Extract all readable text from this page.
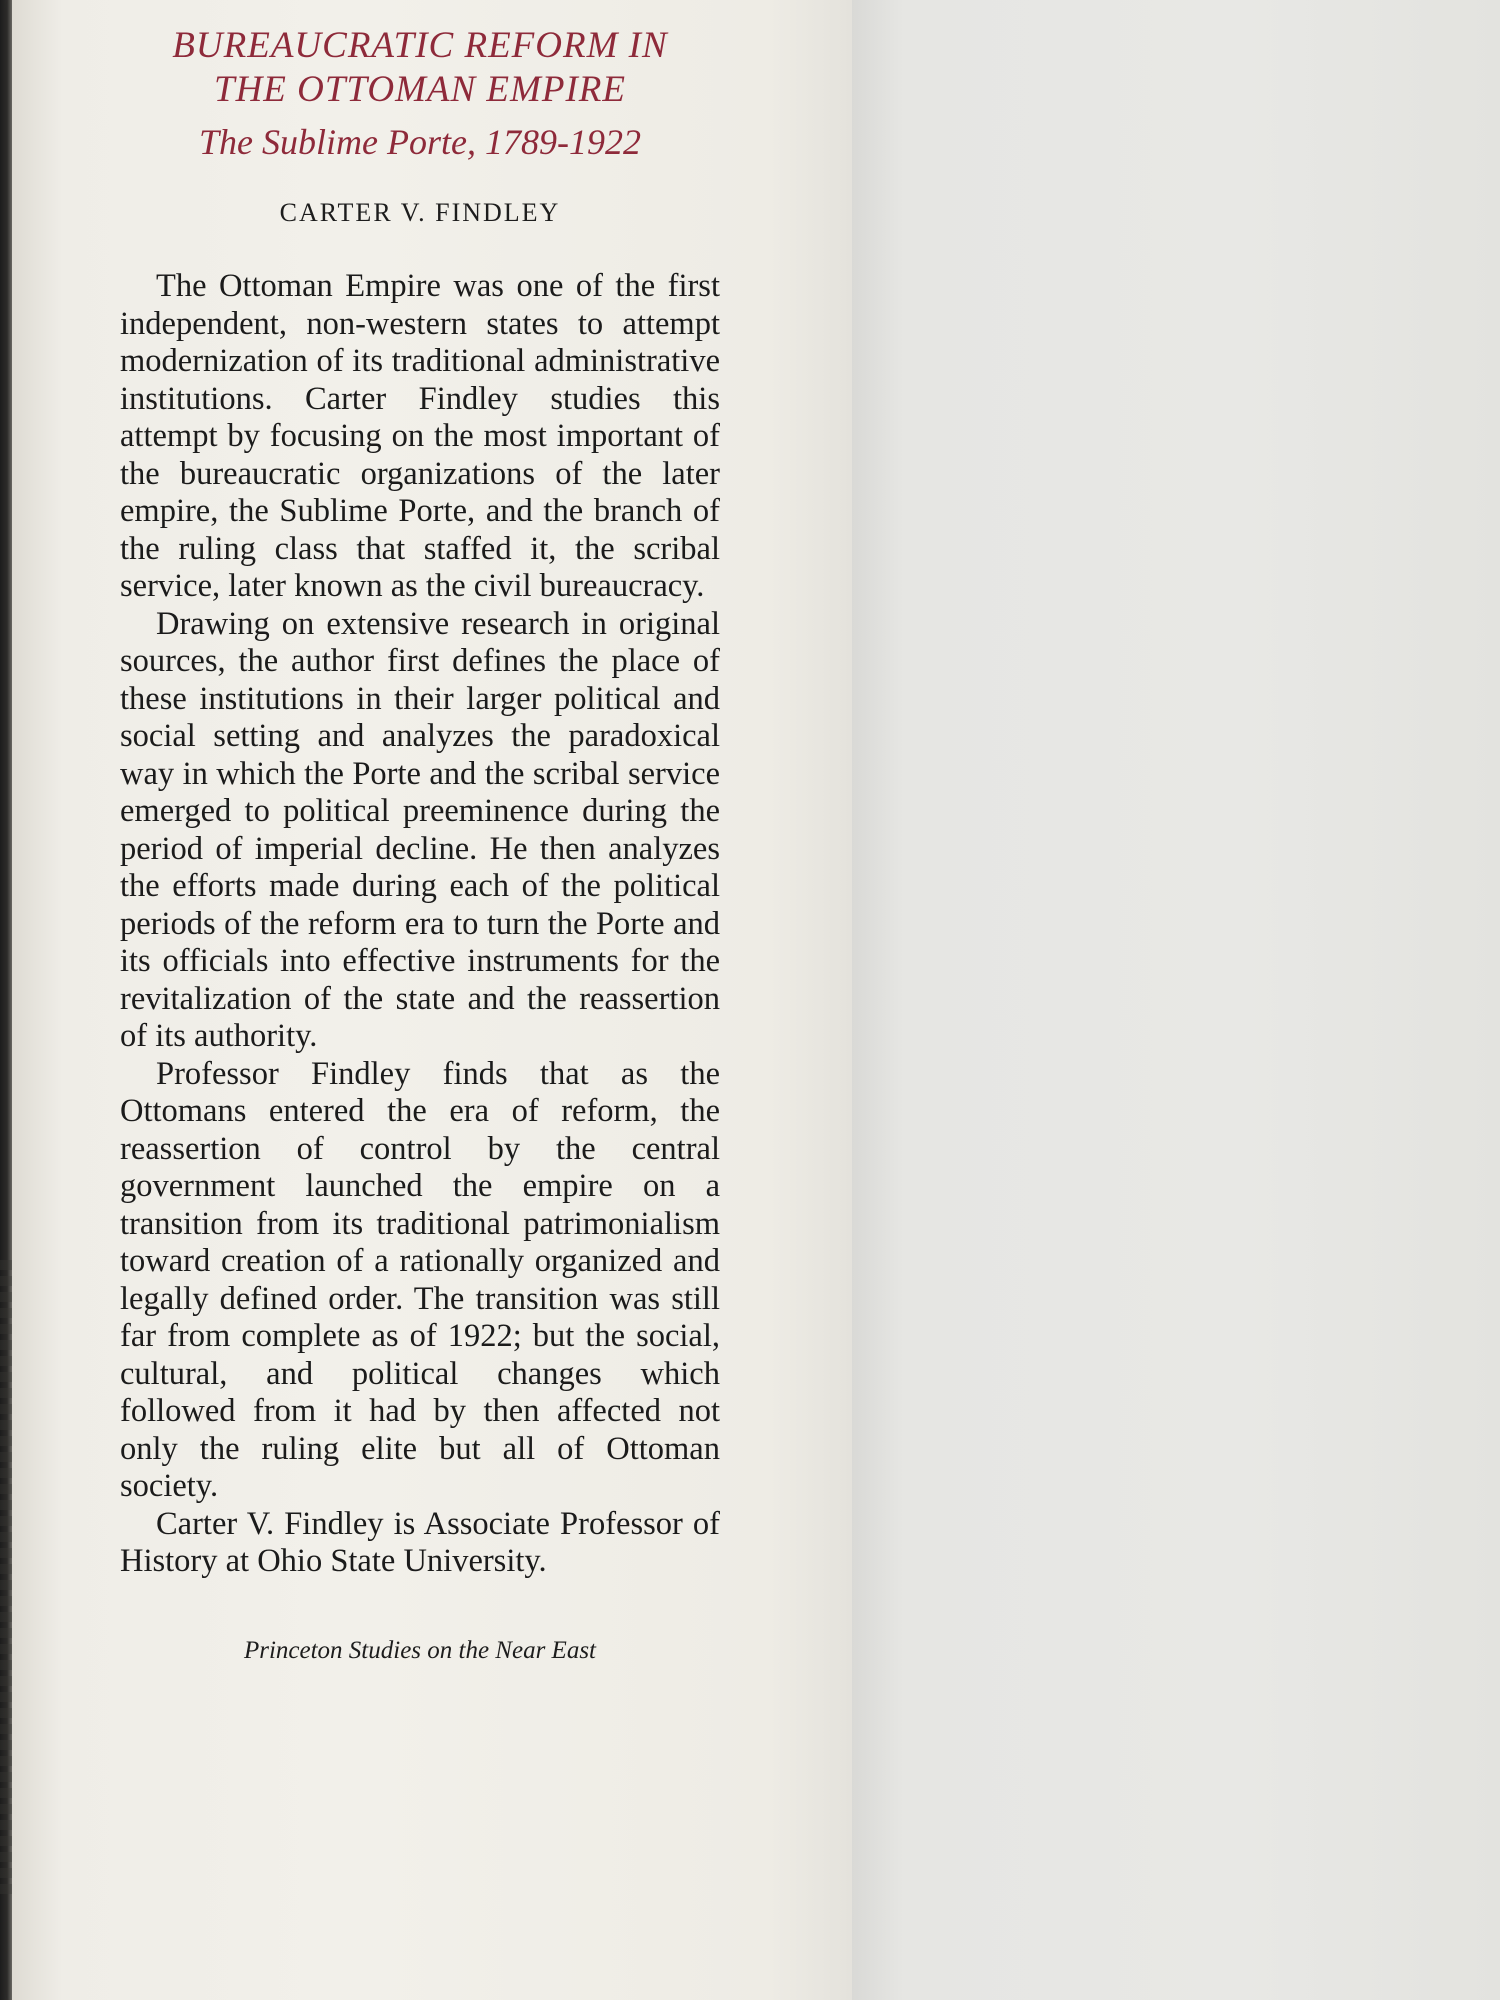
BUREAUCRATIC REFORM IN
THE OTTOMAN EMPIRE
The Sublime Porte, 1789-1922
CARTER V. FINDLEY

The Ottoman Empire was one of the first independent, non-western states to attempt modernization of its traditional administrative institutions. Carter Findley studies this attempt by focusing on the most important of the bureaucratic organizations of the later empire, the Sublime Porte, and the branch of the ruling class that staffed it, the scribal service, later known as the civil bureaucracy.

Drawing on extensive research in original sources, the author first defines the place of these institutions in their larger political and social setting and analyzes the paradoxical way in which the Porte and the scribal service emerged to political preeminence during the period of imperial decline. He then analyzes the efforts made during each of the political periods of the reform era to turn the Porte and its officials into effective instruments for the revitalization of the state and the reassertion of its authority.

Professor Findley finds that as the Ottomans entered the era of reform, the reassertion of control by the central government launched the empire on a transition from its traditional patrimonialism toward creation of a rationally organized and legally defined order. The transition was still far from complete as of 1922; but the social, cultural, and political changes which followed from it had by then affected not only the ruling elite but all of Ottoman society.

Carter V. Findley is Associate Professor of History at Ohio State University.

Princeton Studies on the Near East
